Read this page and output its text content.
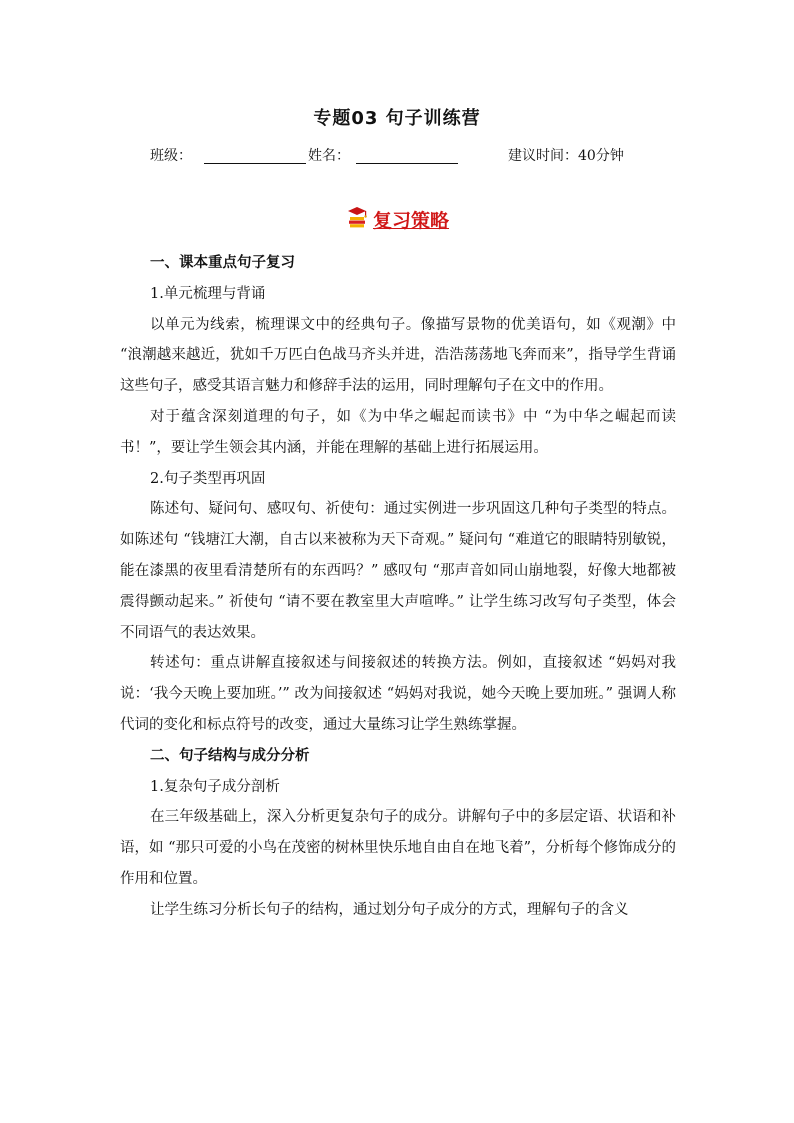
专题03 句子训练营
班级：	姓名：	建议时间：40分钟
复习策略

一、课本重点句子复习

1.单元梳理与背诵

以单元为线索，梳理课文中的经典句子。像描写景物的优美语句，如《观潮》中 “浪潮越来越近，犹如千万匹白色战马齐头并进，浩浩荡荡地飞奔而来”，指导学生背诵这些句子，感受其语言魅力和修辞手法的运用，同时理解句子在文中的作用。

对于蕴含深刻道理的句子，如《为中华之崛起而读书》中 “为中华之崛起而读书！”，要让学生领会其内涵，并能在理解的基础上进行拓展运用。

2.句子类型再巩固

陈述句、疑问句、感叹句、祈使句：通过实例进一步巩固这几种句子类型的特点。如陈述句 “钱塘江大潮，自古以来被称为天下奇观。” 疑问句 “难道它的眼睛特别敏锐，能在漆黑的夜里看清楚所有的东西吗？” 感叹句 “那声音如同山崩地裂，好像大地都被震得颤动起来。” 祈使句 “请不要在教室里大声喧哗。” 让学生练习改写句子类型，体会不同语气的表达效果。

转述句：重点讲解直接叙述与间接叙述的转换方法。例如，直接叙述 “妈妈对我说：‘我今天晚上要加班。’” 改为间接叙述 “妈妈对我说，她今天晚上要加班。” 强调人称代词的变化和标点符号的改变，通过大量练习让学生熟练掌握。

二、句子结构与成分分析

1.复杂句子成分剖析

在三年级基础上，深入分析更复杂句子的成分。讲解句子中的多层定语、状语和补语，如 “那只可爱的小鸟在茂密的树林里快乐地自由自在地飞着”，分析每个修饰成分的作用和位置。

让学生练习分析长句子的结构，通过划分句子成分的方式，理解句子的含义
